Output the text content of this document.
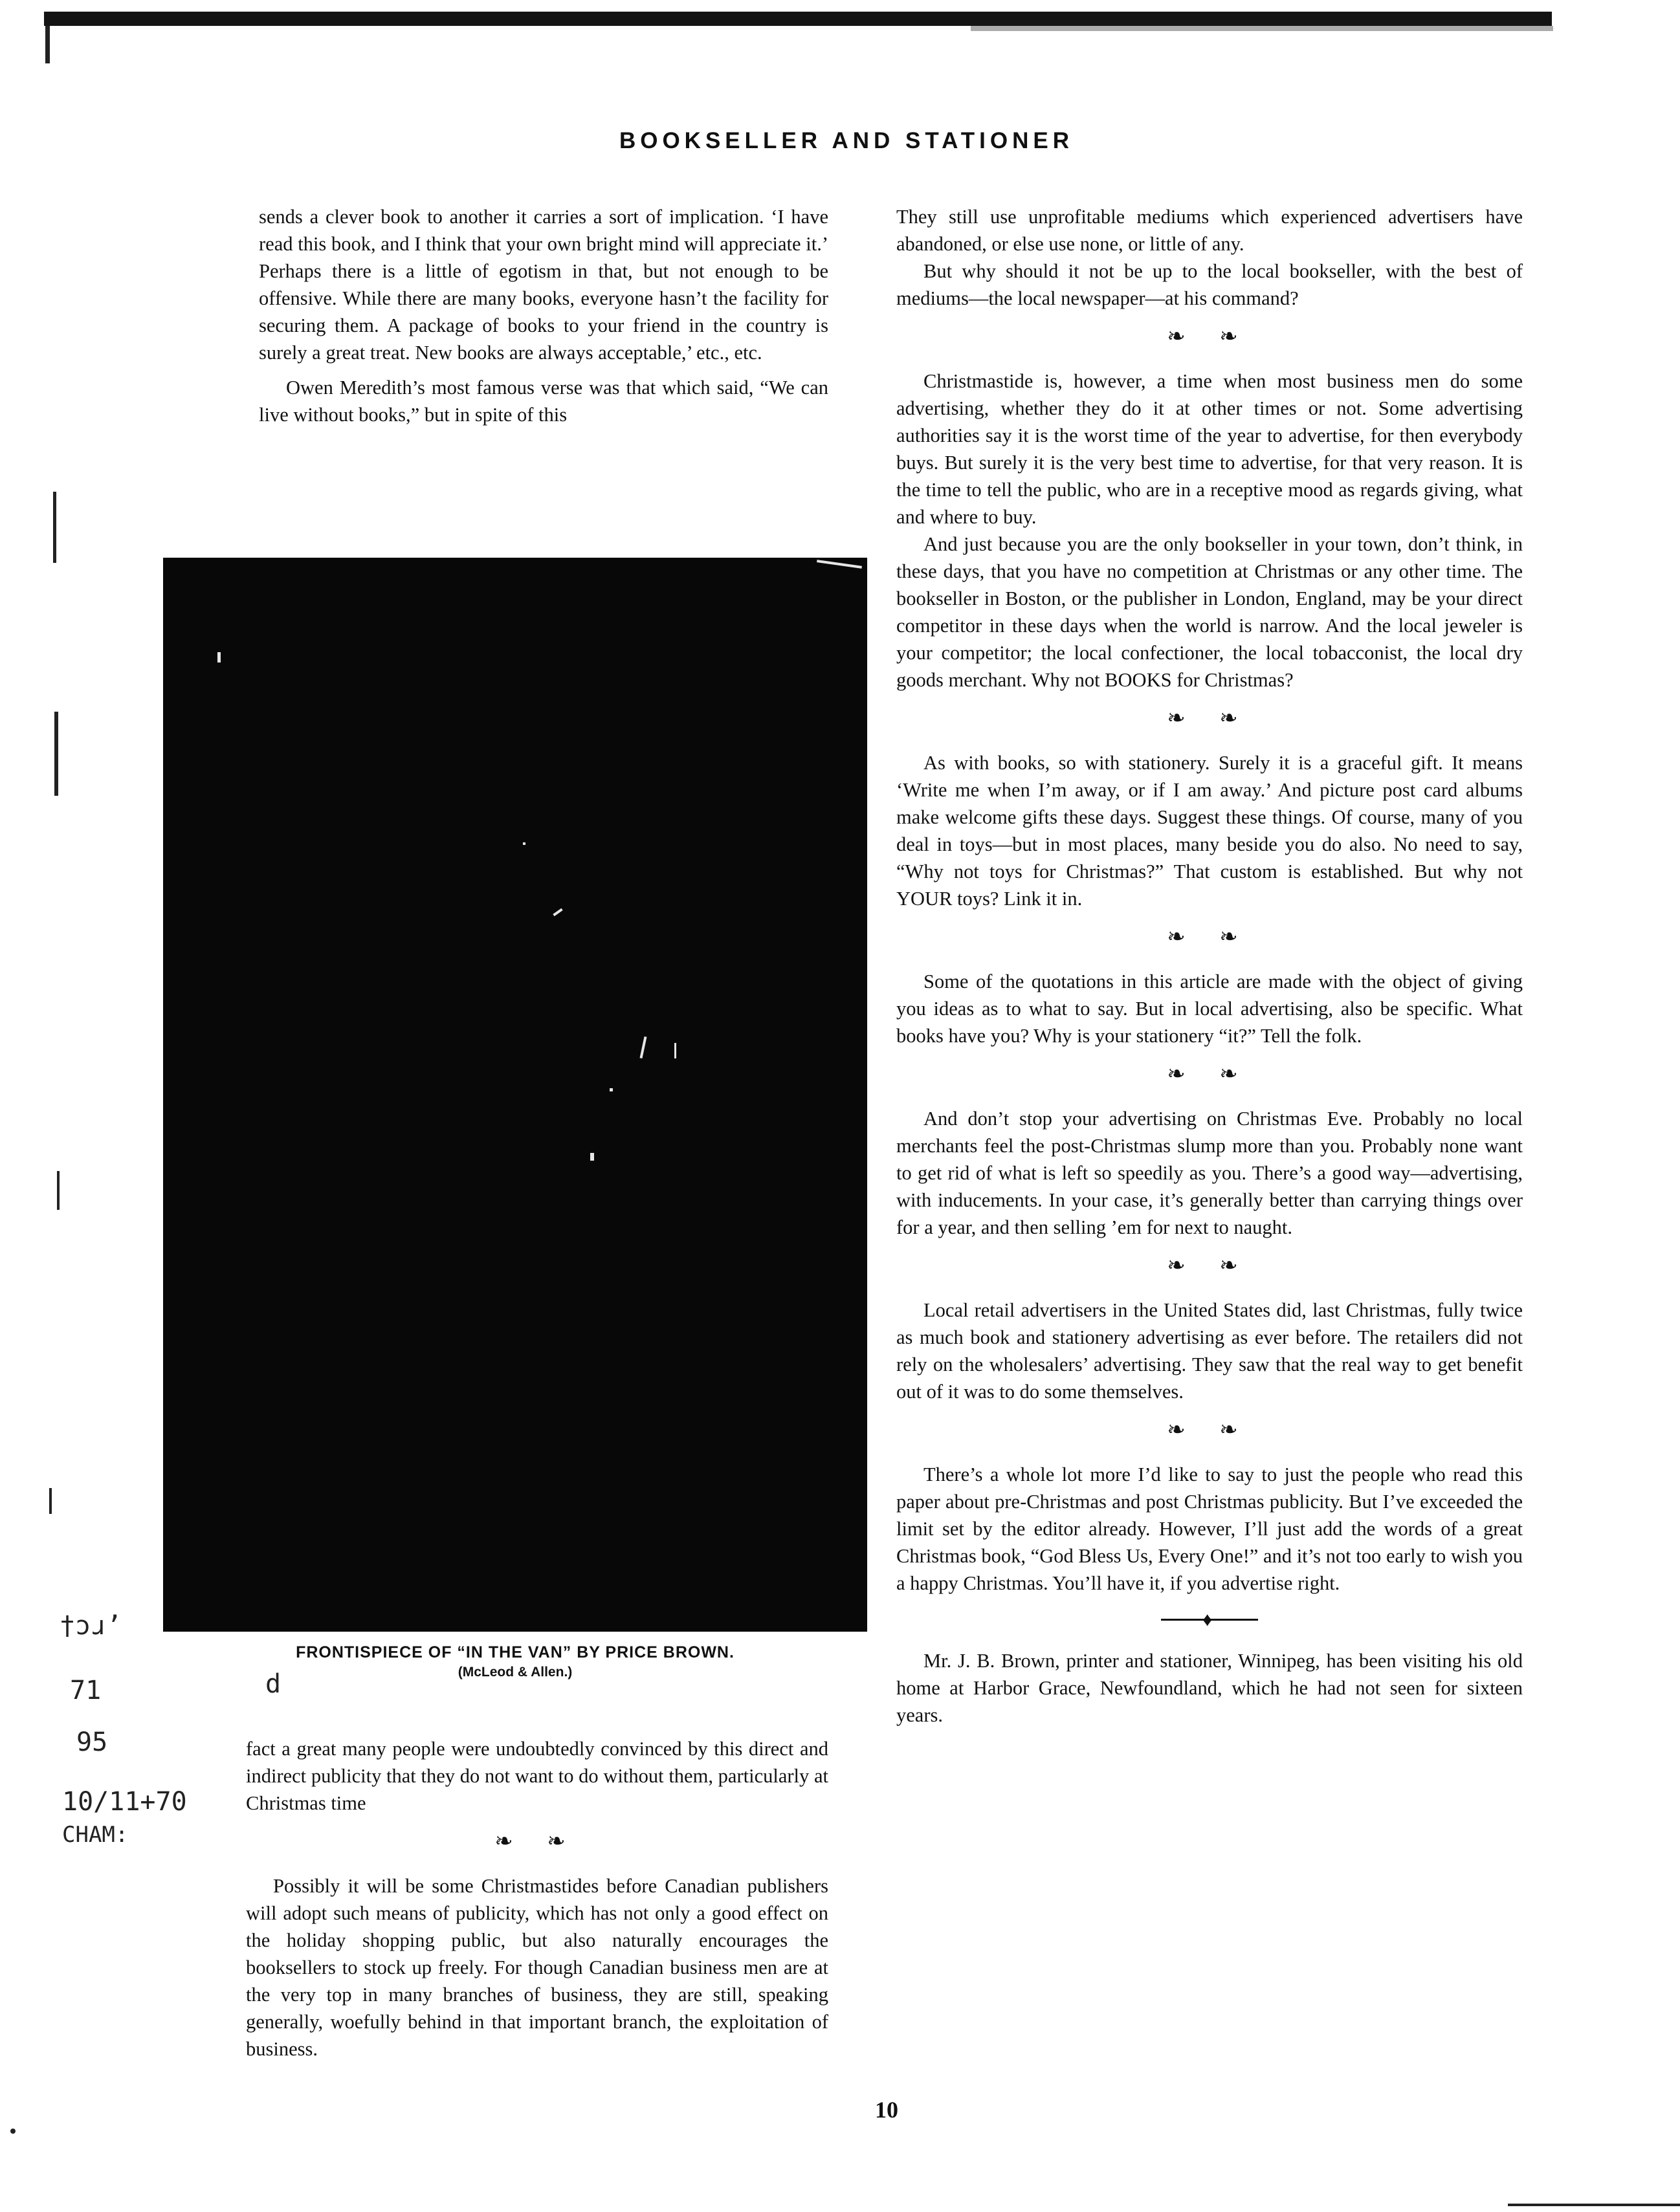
BOOKSELLER AND STATIONER

sends a clever book to another it carries a sort of implication. ‘I have read this book, and I think that your own bright mind will appreciate it.’ Perhaps there is a little of egotism in that, but not enough to be offensive. While there are many books, everyone hasn’t the facility for securing them. A package of books to your friend in the country is surely a great treat. New books are always acceptable,’ etc., etc.

Owen Meredith’s most famous verse was that which said, “We can live without books,” but in spite of this

FRONTISPIECE OF “IN THE VAN” BY PRICE BROWN.
(McLeod & Allen.)
†ɔɹ’
71	d
95
10/11+70
CHAM:

fact a great many people were undoubtedly convinced by this direct and indirect publicity that they do not want to do without them, particularly at Christmas time

❧ ❧

Possibly it will be some Christmastides before Canadian publishers will adopt such means of publicity, which has not only a good effect on the holiday shopping public, but also naturally encourages the booksellers to stock up freely. For though Canadian business men are at the very top in many branches of business, they are still, speaking generally, woefully behind in that important branch, the exploitation of business.

They still use unprofitable mediums which experienced advertisers have abandoned, or else use none, or little of any.

But why should it not be up to the local bookseller, with the best of mediums—the local newspaper—at his command?

❧ ❧

Christmastide is, however, a time when most business men do some advertising, whether they do it at other times or not. Some advertising authorities say it is the worst time of the year to advertise, for then everybody buys. But surely it is the very best time to advertise, for that very reason. It is the time to tell the public, who are in a receptive mood as regards giving, what and where to buy.

And just because you are the only bookseller in your town, don’t think, in these days, that you have no competition at Christmas or any other time. The bookseller in Boston, or the publisher in London, England, may be your direct competitor in these days when the world is narrow. And the local jeweler is your competitor; the local confectioner, the local tobacconist, the local dry goods merchant. Why not BOOKS for Christmas?

❧ ❧

As with books, so with stationery. Surely it is a graceful gift. It means ‘Write me when I’m away, or if I am away.’ And picture post card albums make welcome gifts these days. Suggest these things. Of course, many of you deal in toys—but in most places, many beside you do also. No need to say, “Why not toys for Christmas?” That custom is established. But why not YOUR toys? Link it in.

❧ ❧

Some of the quotations in this article are made with the object of giving you ideas as to what to say. But in local advertising, also be specific. What books have you? Why is your stationery “it?” Tell the folk.

❧ ❧

And don’t stop your advertising on Christmas Eve. Probably no local merchants feel the post-Christmas slump more than you. Probably none want to get rid of what is left so speedily as you. There’s a good way—advertising, with inducements. In your case, it’s generally better than carrying things over for a year, and then selling ’em for next to naught.

❧ ❧

Local retail advertisers in the United States did, last Christmas, fully twice as much book and stationery advertising as ever before. The retailers did not rely on the wholesalers’ advertising. They saw that the real way to get benefit out of it was to do some themselves.

❧ ❧

There’s a whole lot more I’d like to say to just the people who read this paper about pre-Christmas and post Christmas publicity. But I’ve exceeded the limit set by the editor already. However, I’ll just add the words of a great Christmas book, “God Bless Us, Every One!” and it’s not too early to wish you a happy Christmas. You’ll have it, if you advertise right.

♦

Mr. J. B. Brown, printer and stationer, Winnipeg, has been visiting his old home at Harbor Grace, Newfoundland, which he had not seen for sixteen years.

10
